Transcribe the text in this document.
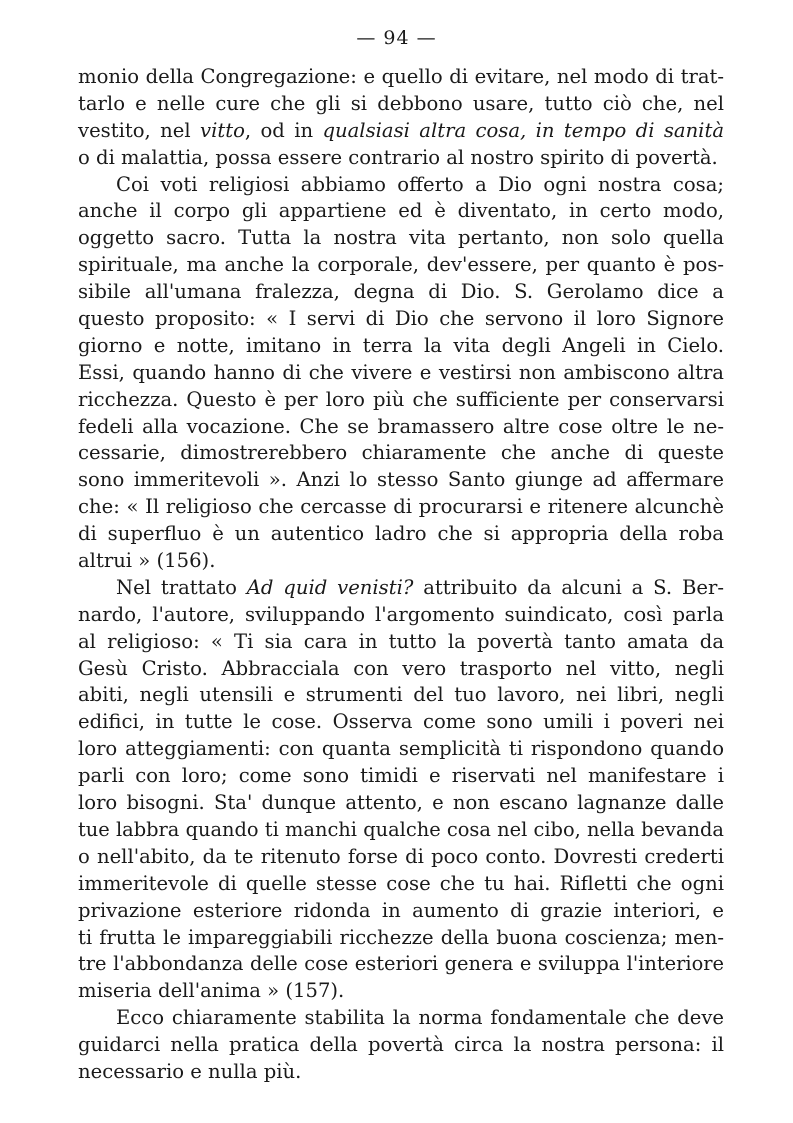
— 94 —
monio della Congregazione: e quello di evitare, nel modo di trat-
tarlo e nelle cure che gli si debbono usare, tutto ciò che, nel
vestito, nel vitto, od in qualsiasi altra cosa, in tempo di sanità
o di malattia, possa essere contrario al nostro spirito di povertà.
Coi voti religiosi abbiamo offerto a Dio ogni nostra cosa;
anche il corpo gli appartiene ed è diventato, in certo modo,
oggetto sacro. Tutta la nostra vita pertanto, non solo quella
spirituale, ma anche la corporale, dev'essere, per quanto è pos-
sibile all'umana fralezza, degna di Dio. S. Gerolamo dice a
questo proposito: « I servi di Dio che servono il loro Signore
giorno e notte, imitano in terra la vita degli Angeli in Cielo.
Essi, quando hanno di che vivere e vestirsi non ambiscono altra
ricchezza. Questo è per loro più che sufficiente per conservarsi
fedeli alla vocazione. Che se bramassero altre cose oltre le ne-
cessarie, dimostrerebbero chiaramente che anche di queste
sono immeritevoli ». Anzi lo stesso Santo giunge ad affermare
che: « Il religioso che cercasse di procurarsi e ritenere alcunchè
di superfluo è un autentico ladro che si appropria della roba
altrui » (156).
Nel trattato Ad quid venisti? attribuito da alcuni a S. Ber-
nardo, l'autore, sviluppando l'argomento suindicato, così parla
al religioso: « Ti sia cara in tutto la povertà tanto amata da
Gesù Cristo. Abbracciala con vero trasporto nel vitto, negli
abiti, negli utensili e strumenti del tuo lavoro, nei libri, negli
edifici, in tutte le cose. Osserva come sono umili i poveri nei
loro atteggiamenti: con quanta semplicità ti rispondono quando
parli con loro; come sono timidi e riservati nel manifestare i
loro bisogni. Sta' dunque attento, e non escano lagnanze dalle
tue labbra quando ti manchi qualche cosa nel cibo, nella bevanda
o nell'abito, da te ritenuto forse di poco conto. Dovresti crederti
immeritevole di quelle stesse cose che tu hai. Rifletti che ogni
privazione esteriore ridonda in aumento di grazie interiori, e
ti frutta le impareggiabili ricchezze della buona coscienza; men-
tre l'abbondanza delle cose esteriori genera e sviluppa l'interiore
miseria dell'anima » (157).
Ecco chiaramente stabilita la norma fondamentale che deve
guidarci nella pratica della povertà circa la nostra persona: il
necessario e nulla più.
